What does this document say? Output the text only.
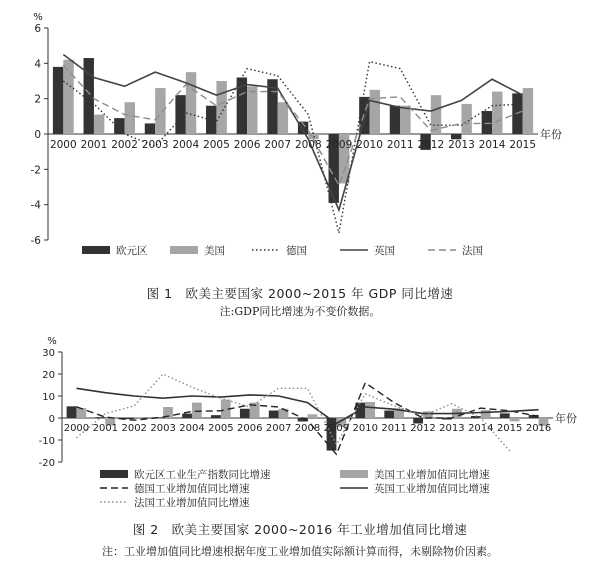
-6
-4
-2
0
2
4
6
%
2000 2001 2002 2003 2004 2005 2006 2007 2008 2009 2010 2011 2012 2013 2014 2015
年份
欧元区	美国	德国	英国	法国
-20
-10
0
10
20
30
%
2000 2001 2002 2003 2004 2005 2006 2007 2008 2009 2010 2011 2012 2013 2014 2015 2016
年份
欧元区工业生产指数同比增速	美国工业增加值同比增速
德国工业增加值同比增速	英国工业增加值同比增速
法国工业增加值同比增速
图 1　欧美主要国家 2000~2015 年 GDP 同比增速
注:GDP同比增速为不变价数据。
图 2　欧美主要国家 2000~2016 年工业增加值同比增速
注：工业增加值同比增速根据年度工业增加值实际额计算而得，未剔除物价因素。
